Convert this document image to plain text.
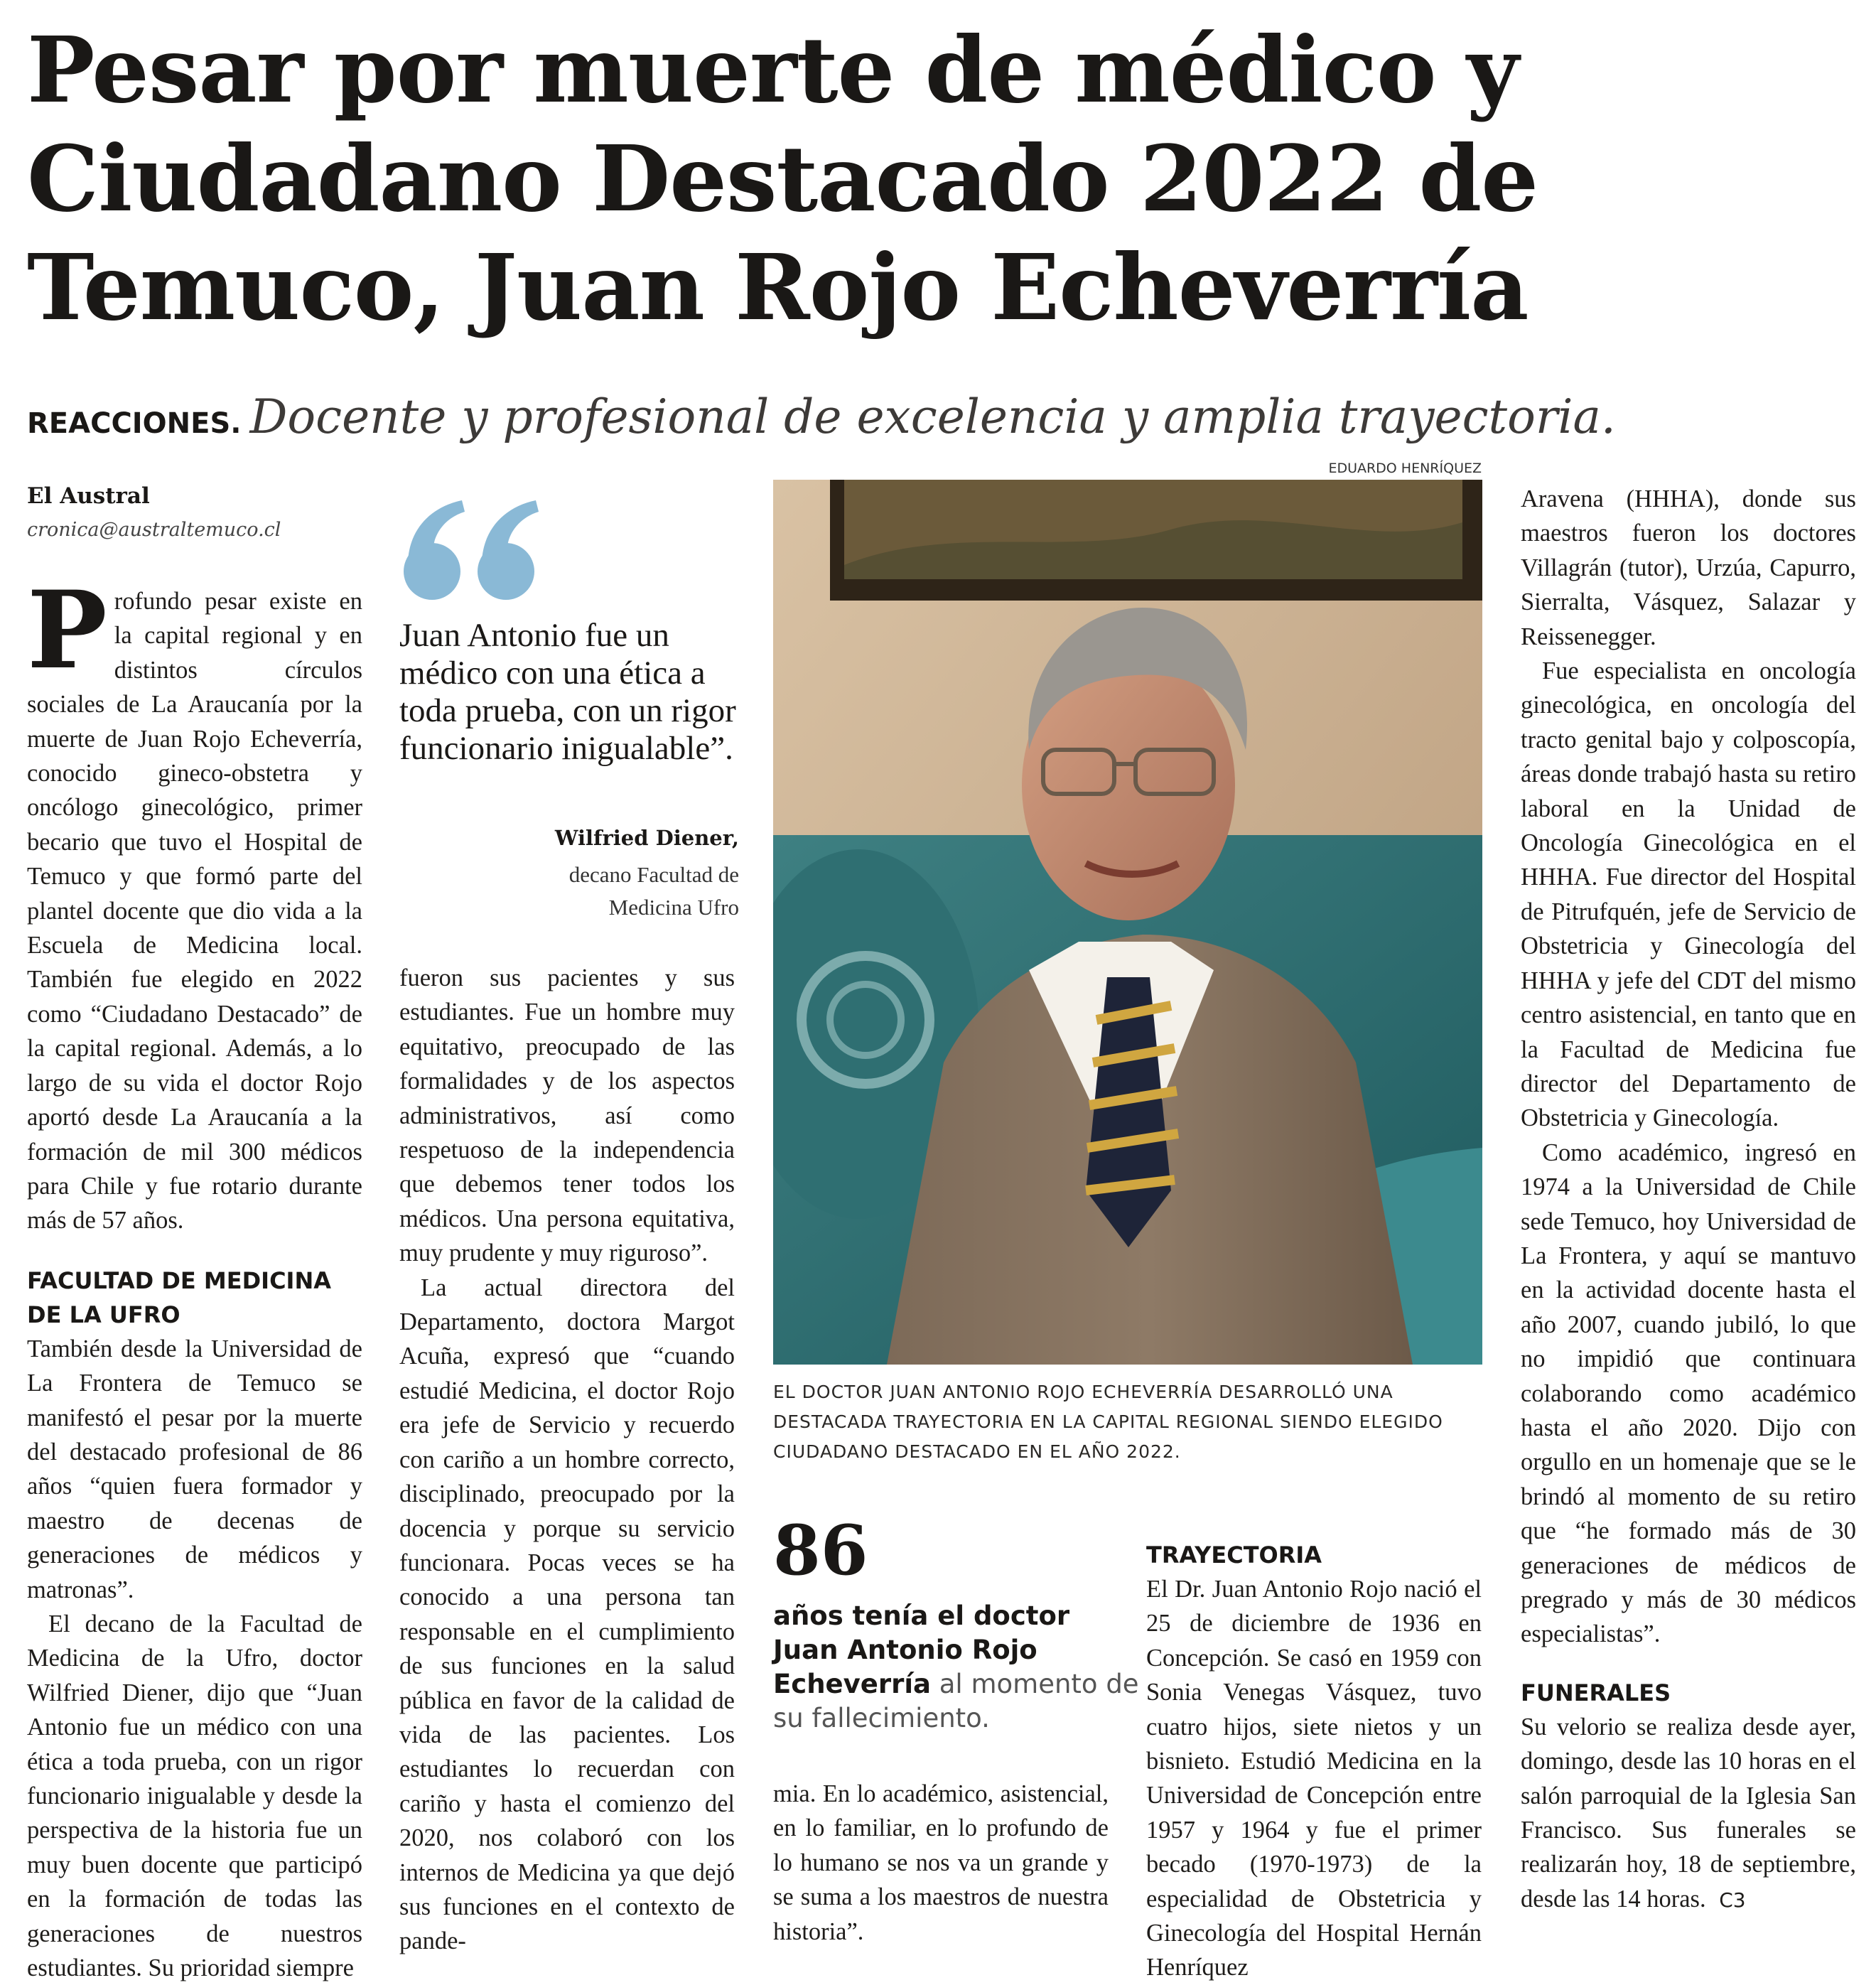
Pesar por muerte de médico y
Ciudadano Destacado 2022 de
Temuco, Juan Rojo Echeverría
REACCIONES. Docente y profesional de excelencia y amplia trayectoria.
El Austral
cronica@australtemuco.cl

Profundo pesar existe en la capital regional y en distintos círculos sociales de La Araucanía por la muerte de Juan Rojo Echeverría, conocido gineco-obstetra y oncólogo ginecológico, primer becario que tuvo el Hospital de Temuco y que formó parte del plantel docente que dio vida a la Escuela de Medicina local. También fue elegido en 2022 como “Ciudadano Destacado” de la capital regional. Además, a lo largo de su vida el doctor Rojo aportó desde La Araucanía a la formación de mil 300 médicos para Chile y fue rotario durante más de 57 años.

FACULTAD DE MEDICINA DE LA UFRO

También desde la Universidad de La Frontera de Temuco se manifestó el pesar por la muerte del destacado profesional de 86 años “quien fuera formador y maestro de decenas de generaciones de médicos y matronas”.

El decano de la Facultad de Medicina de la Ufro, doctor Wilfried Diener, dijo que “Juan Antonio fue un médico con una ética a toda prueba, con un rigor funcionario inigualable y desde la perspectiva de la historia fue un muy buen docente que participó en la formación de todas las generaciones de nuestros estudiantes. Su prioridad siempre

Juan Antonio fue un médico con una ética a toda prueba, con un rigor funcionario inigualable”.
Wilfried Diener,
decano Facultad de Medicina Ufro

fueron sus pacientes y sus estudiantes. Fue un hombre muy equitativo, preocupado de las formalidades y de los aspectos administrativos, así como respetuoso de la independencia que debemos tener todos los médicos. Una persona equitativa, muy prudente y muy riguroso”.

La actual directora del Departamento, doctora Margot Acuña, expresó que “cuando estudié Medicina, el doctor Rojo era jefe de Servicio y recuerdo con cariño a un hombre correcto, disciplinado, preocupado por la docencia y porque su servicio funcionara. Pocas veces se ha conocido a una persona tan responsable en el cumplimiento de sus funciones en la salud pública en favor de la calidad de vida de las pacientes. Los estudiantes lo recuerdan con cariño y hasta el comienzo del 2020, nos colaboró con los internos de Medicina ya que dejó sus funciones en el contexto de pande-

EDUARDO HENRÍQUEZ
EL DOCTOR JUAN ANTONIO ROJO ECHEVERRÍA DESARROLLÓ UNA DESTACADA TRAYECTORIA EN LA CAPITAL REGIONAL SIENDO ELEGIDO CIUDADANO DESTACADO EN EL AÑO 2022.
86
años tenía el doctor Juan Antonio Rojo Echeverría al momento de su fallecimiento.

mia. En lo académico, asistencial, en lo familiar, en lo profundo de lo humano se nos va un grande y se suma a los maestros de nuestra historia”.

TRAYECTORIA

El Dr. Juan Antonio Rojo nació el 25 de diciembre de 1936 en Concepción. Se casó en 1959 con Sonia Venegas Vásquez, tuvo cuatro hijos, siete nietos y un bisnieto. Estudió Medicina en la Universidad de Concepción entre 1957 y 1964 y fue el primer becado (1970-1973) de la especialidad de Obstetricia y Ginecología del Hospital Hernán Henríquez

Aravena (HHHA), donde sus maestros fueron los doctores Villagrán (tutor), Urzúa, Capurro, Sierralta, Vásquez, Salazar y Reissenegger.

Fue especialista en oncología ginecológica, en oncología del tracto genital bajo y colposcopía, áreas donde trabajó hasta su retiro laboral en la Unidad de Oncología Ginecológica en el HHHA. Fue director del Hospital de Pitrufquén, jefe de Servicio de Obstetricia y Ginecología del HHHA y jefe del CDT del mismo centro asistencial, en tanto que en la Facultad de Medicina fue director del Departamento de Obstetricia y Ginecología.

Como académico, ingresó en 1974 a la Universidad de Chile sede Temuco, hoy Universidad de La Frontera, y aquí se mantuvo en la actividad docente hasta el año 2007, cuando jubiló, lo que no impidió que continuara colaborando como académico hasta el año 2020. Dijo con orgullo en un homenaje que se le brindó al momento de su retiro que “he formado más de 30 generaciones de médicos de pregrado y más de 30 médicos especialistas”.

FUNERALES

Su velorio se realiza desde ayer, domingo, desde las 10 horas en el salón parroquial de la Iglesia San Francisco. Sus funerales se realizarán hoy, 18 de septiembre, desde las 14 horas. C3
